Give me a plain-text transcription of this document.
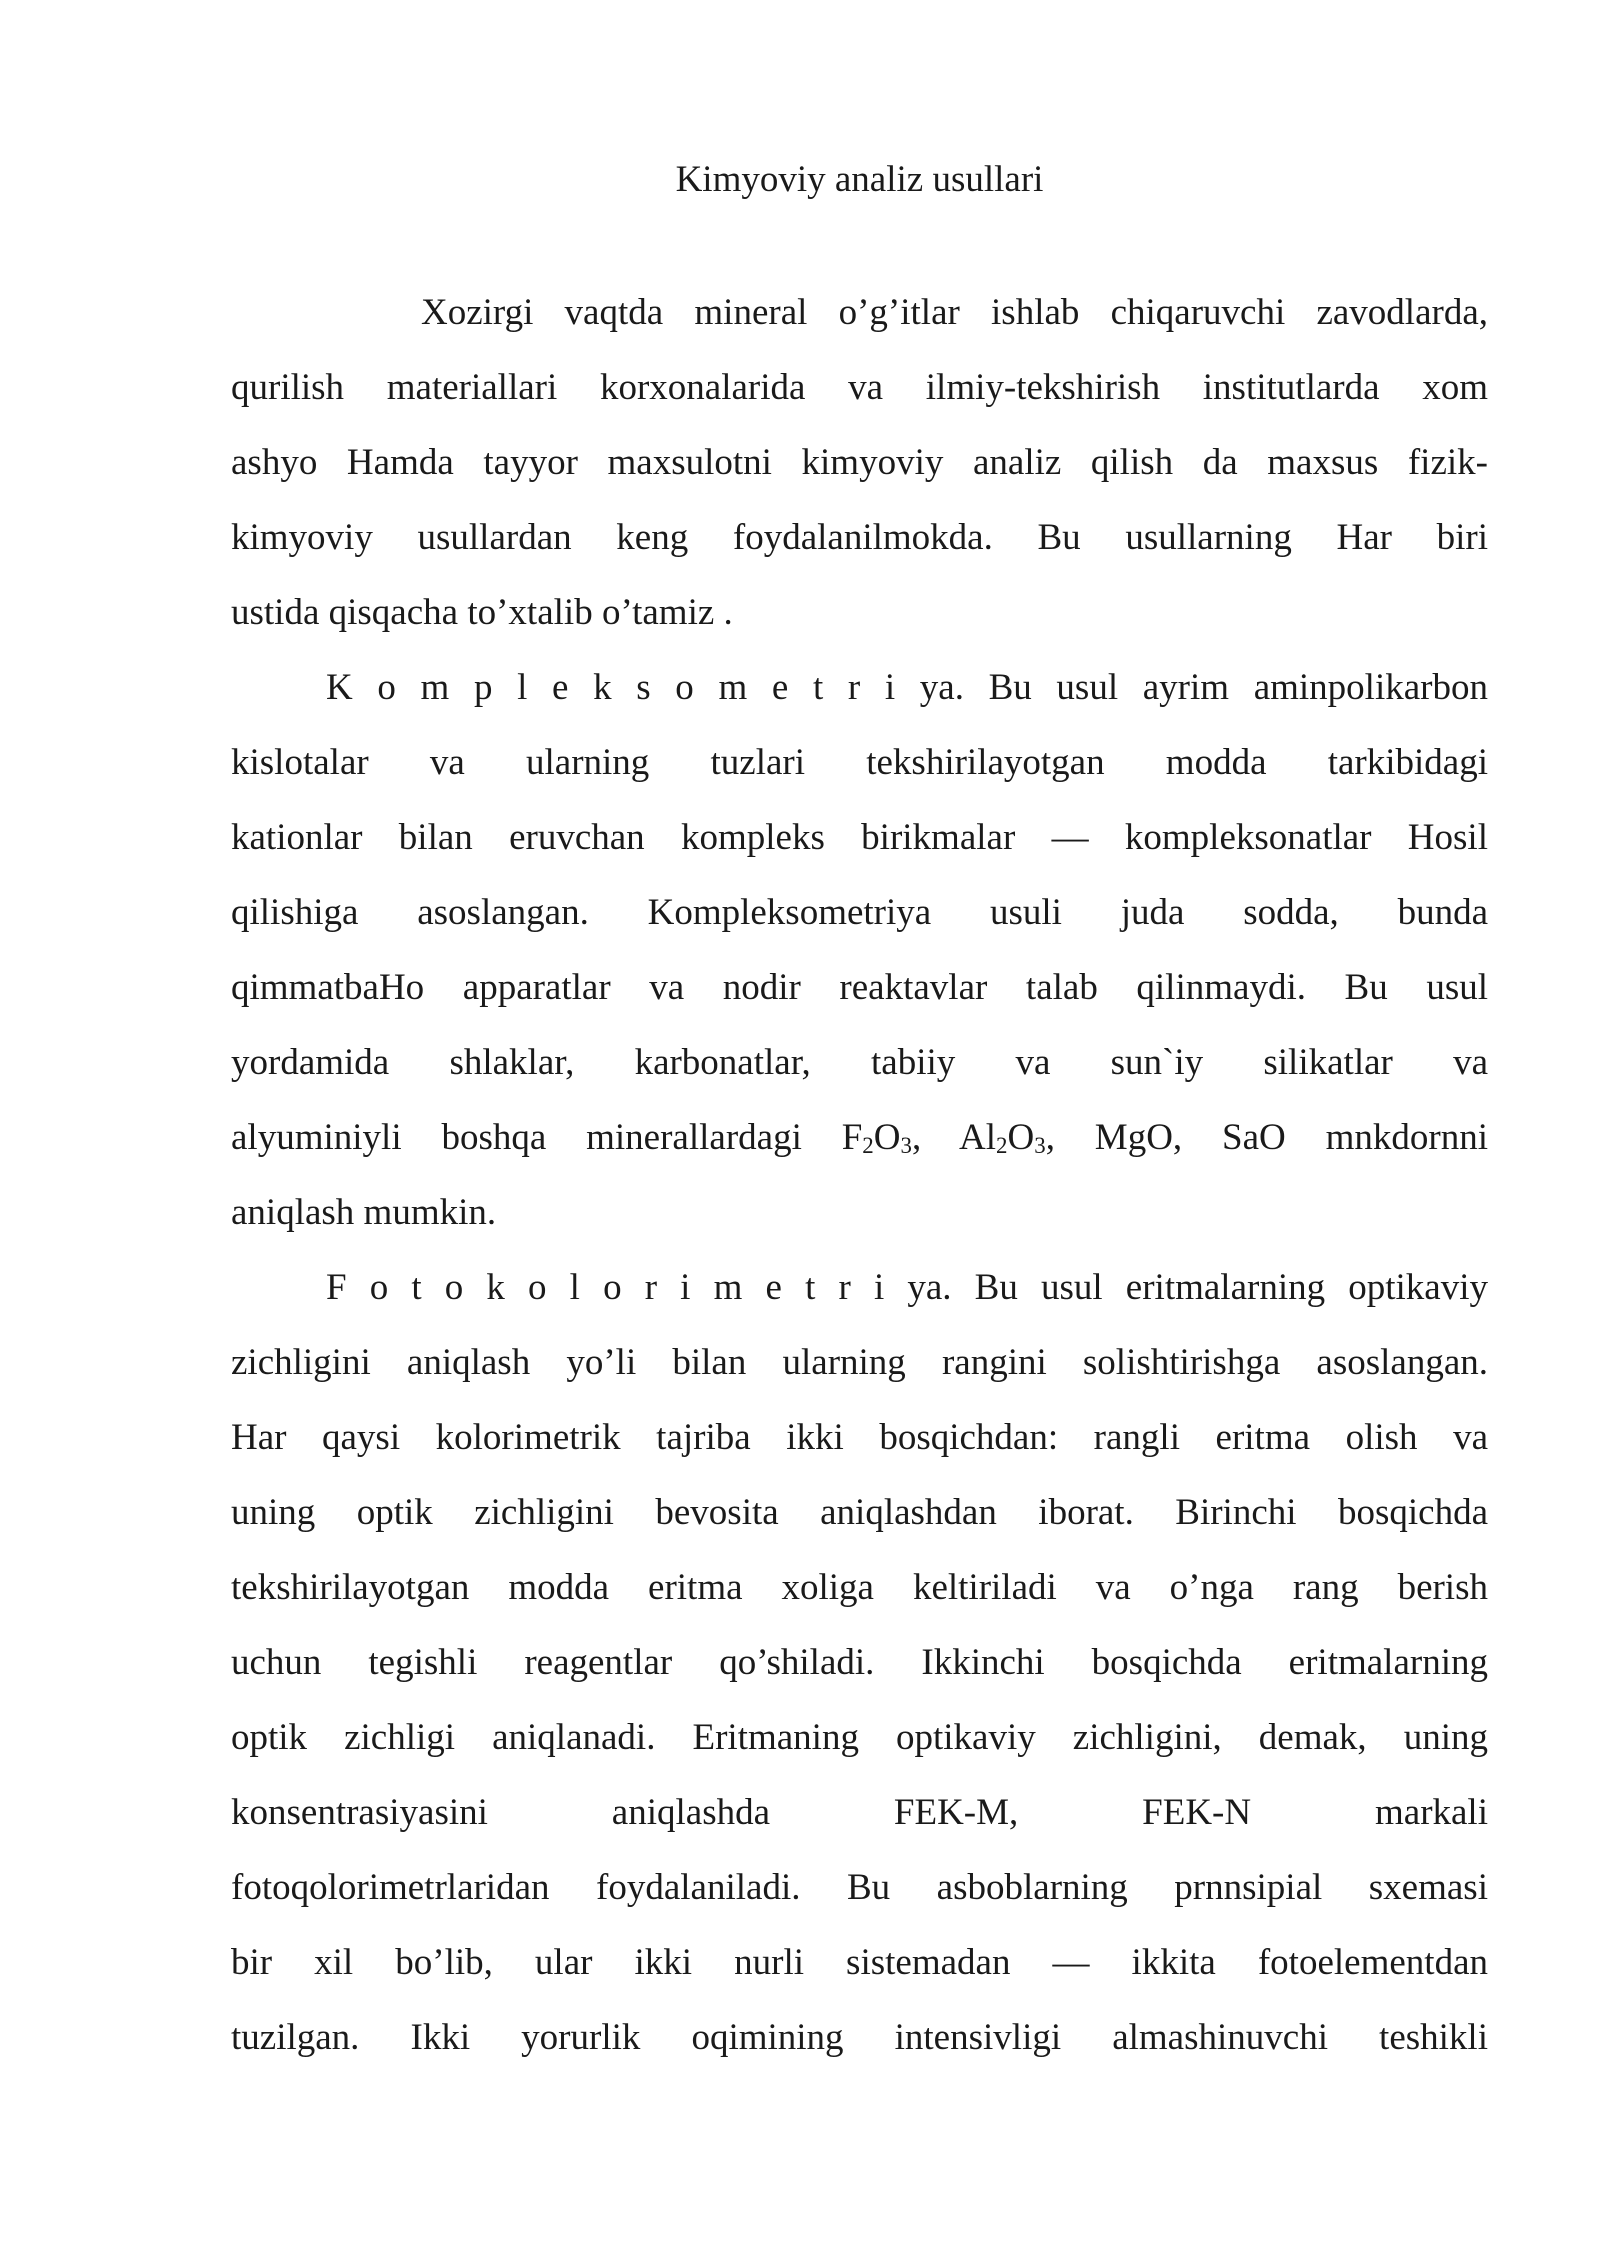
Kimyoviy analiz usullari
Xozirgi vaqtda mineral o’g’itlar ishlab chiqaruvchi zavodlarda,
qurilish materiallari korxonalarida va ilmiy-tekshirish institutlarda xom
ashyo Hamda tayyor maxsulotni kimyoviy analiz qilish da maxsus fizik-
kimyoviy usullardan keng foydalanilmokda. Bu usullarning Har biri
ustida qisqacha to’xtalib o’tamiz .
K o m p l e k s o m e t r i ya. Bu usul ayrim aminpolikarbon
kislotalar va ularning tuzlari tekshirilayotgan modda tarkibidagi
kationlar bilan eruvchan kompleks birikmalar — kompleksonatlar Hosil
qilishiga asoslangan. Kompleksometriya usuli juda sodda, bunda
qimmatbaHo apparatlar va nodir reaktavlar talab qilinmaydi. Bu usul
yordamida shlaklar, karbonatlar, tabiiy va sun`iy silikatlar va
alyuminiyli boshqa minerallardagi $F_2O_3$, $Al_2O_3$, MgO, SaO mnkdornni
aniqlash mumkin.
F o t o k o l o r i m e t r i ya. Bu usul eritmalarning optikaviy
zichligini aniqlash yo’li bilan ularning rangini solishtirishga asoslangan.
Har qaysi kolorimetrik tajriba ikki bosqichdan: rangli eritma olish va
uning optik zichligini bevosita aniqlashdan iborat. Birinchi bosqichda
tekshirilayotgan modda eritma xoliga keltiriladi va o’nga rang berish
uchun tegishli reagentlar qo’shiladi. Ikkinchi bosqichda eritmalarning
optik zichligi aniqlanadi. Eritmaning optikaviy zichligini, demak, uning
konsentrasiyasini aniqlashda FEK-M, FEK-N markali
fotoqolorimetrlaridan foydalaniladi. Bu asboblarning prnnsipial sxemasi
bir xil bo’lib, ular ikki nurli sistemadan — ikkita fotoelementdan
tuzilgan. Ikki yorurlik oqimining intensivligi almashinuvchi teshikli
